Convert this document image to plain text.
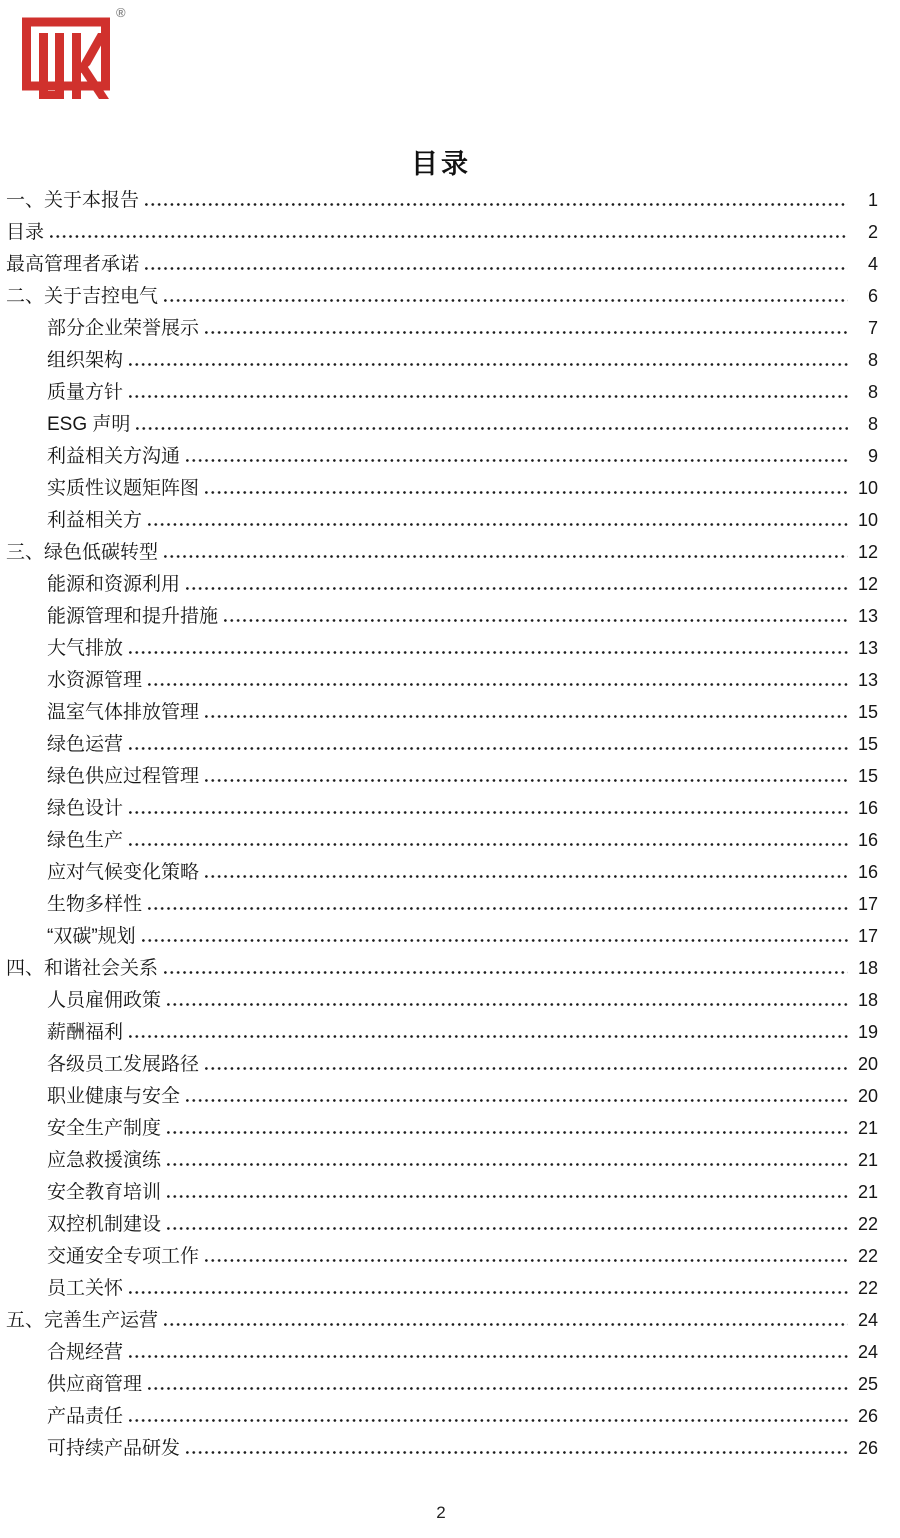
®
目录
一、关于本报告	1
目录	2
最高管理者承诺	4
二、关于吉控电气	6
部分企业荣誉展示	7
组织架构	8
质量方针	8
ESG 声明	8
利益相关方沟通	9
实质性议题矩阵图	10
利益相关方	10
三、绿色低碳转型	12
能源和资源利用	12
能源管理和提升措施	13
大气排放	13
水资源管理	13
温室气体排放管理	15
绿色运营	15
绿色供应过程管理	15
绿色设计	16
绿色生产	16
应对气候变化策略	16
生物多样性	17
“双碳”规划	17
四、和谐社会关系	18
人员雇佣政策	18
薪酬福利	19
各级员工发展路径	20
职业健康与安全	20
安全生产制度	21
应急救援演练	21
安全教育培训	21
双控机制建设	22
交通安全专项工作	22
员工关怀	22
五、完善生产运营	24
合规经营	24
供应商管理	25
产品责任	26
可持续产品研发	26
2
